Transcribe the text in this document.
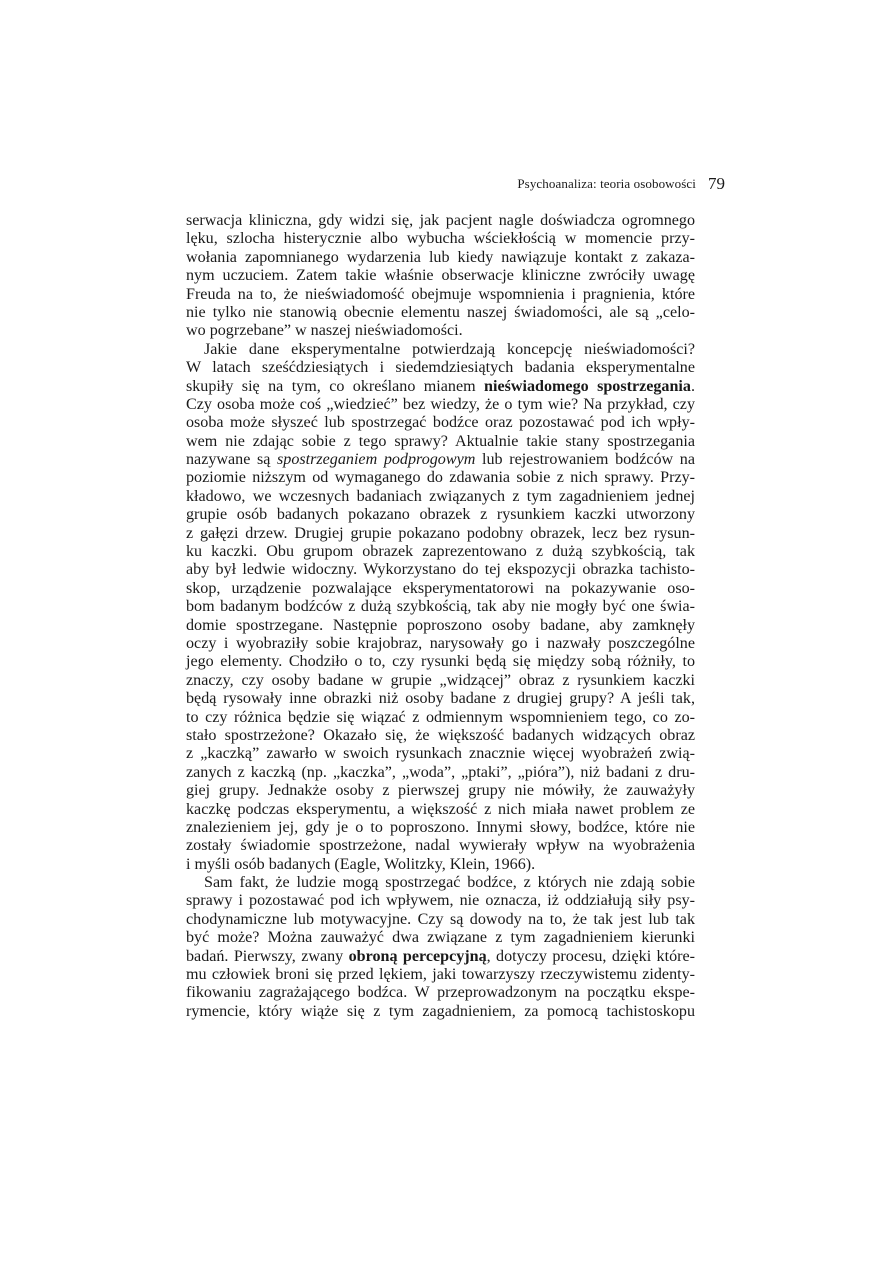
Psychoanaliza: teoria osobowości 79
serwacja kliniczna, gdy widzi się, jak pacjent nagle doświadcza ogromnego
lęku, szlocha histerycznie albo wybucha wściekłością w momencie przy-
wołania zapomnianego wydarzenia lub kiedy nawiązuje kontakt z zakaza-
nym uczuciem. Zatem takie właśnie obserwacje kliniczne zwróciły uwagę
Freuda na to, że nieświadomość obejmuje wspomnienia i pragnienia, które
nie tylko nie stanowią obecnie elementu naszej świadomości, ale są „celo-
wo pogrzebane” w naszej nieświadomości.
Jakie dane eksperymentalne potwierdzają koncepcję nieświadomości?
W latach sześćdziesiątych i siedemdziesiątych badania eksperymentalne
skupiły się na tym, co określano mianem nieświadomego spostrzegania.
Czy osoba może coś „wiedzieć” bez wiedzy, że o tym wie? Na przykład, czy
osoba może słyszeć lub spostrzegać bodźce oraz pozostawać pod ich wpły-
wem nie zdając sobie z tego sprawy? Aktualnie takie stany spostrzegania
nazywane są spostrzeganiem podprogowym lub rejestrowaniem bodźców na
poziomie niższym od wymaganego do zdawania sobie z nich sprawy. Przy-
kładowo, we wczesnych badaniach związanych z tym zagadnieniem jednej
grupie osób badanych pokazano obrazek z rysunkiem kaczki utworzony
z gałęzi drzew. Drugiej grupie pokazano podobny obrazek, lecz bez rysun-
ku kaczki. Obu grupom obrazek zaprezentowano z dużą szybkością, tak
aby był ledwie widoczny. Wykorzystano do tej ekspozycji obrazka tachisto-
skop, urządzenie pozwalające eksperymentatorowi na pokazywanie oso-
bom badanym bodźców z dużą szybkością, tak aby nie mogły być one świa-
domie spostrzegane. Następnie poproszono osoby badane, aby zamknęły
oczy i wyobraziły sobie krajobraz, narysowały go i nazwały poszczególne
jego elementy. Chodziło o to, czy rysunki będą się między sobą różniły, to
znaczy, czy osoby badane w grupie „widzącej” obraz z rysunkiem kaczki
będą rysowały inne obrazki niż osoby badane z drugiej grupy? A jeśli tak,
to czy różnica będzie się wiązać z odmiennym wspomnieniem tego, co zo-
stało spostrzeżone? Okazało się, że większość badanych widzących obraz
z „kaczką” zawarło w swoich rysunkach znacznie więcej wyobrażeń zwią-
zanych z kaczką (np. „kaczka”, „woda”, „ptaki”, „pióra”), niż badani z dru-
giej grupy. Jednakże osoby z pierwszej grupy nie mówiły, że zauważyły
kaczkę podczas eksperymentu, a większość z nich miała nawet problem ze
znalezieniem jej, gdy je o to poproszono. Innymi słowy, bodźce, które nie
zostały świadomie spostrzeżone, nadal wywierały wpływ na wyobrażenia
i myśli osób badanych (Eagle, Wolitzky, Klein, 1966).
Sam fakt, że ludzie mogą spostrzegać bodźce, z których nie zdają sobie
sprawy i pozostawać pod ich wpływem, nie oznacza, iż oddziałują siły psy-
chodynamiczne lub motywacyjne. Czy są dowody na to, że tak jest lub tak
być może? Można zauważyć dwa związane z tym zagadnieniem kierunki
badań. Pierwszy, zwany obroną percepcyjną, dotyczy procesu, dzięki które-
mu człowiek broni się przed lękiem, jaki towarzyszy rzeczywistemu zidenty-
fikowaniu zagrażającego bodźca. W przeprowadzonym na początku ekspe-
rymencie, który wiąże się z tym zagadnieniem, za pomocą tachistoskopu
